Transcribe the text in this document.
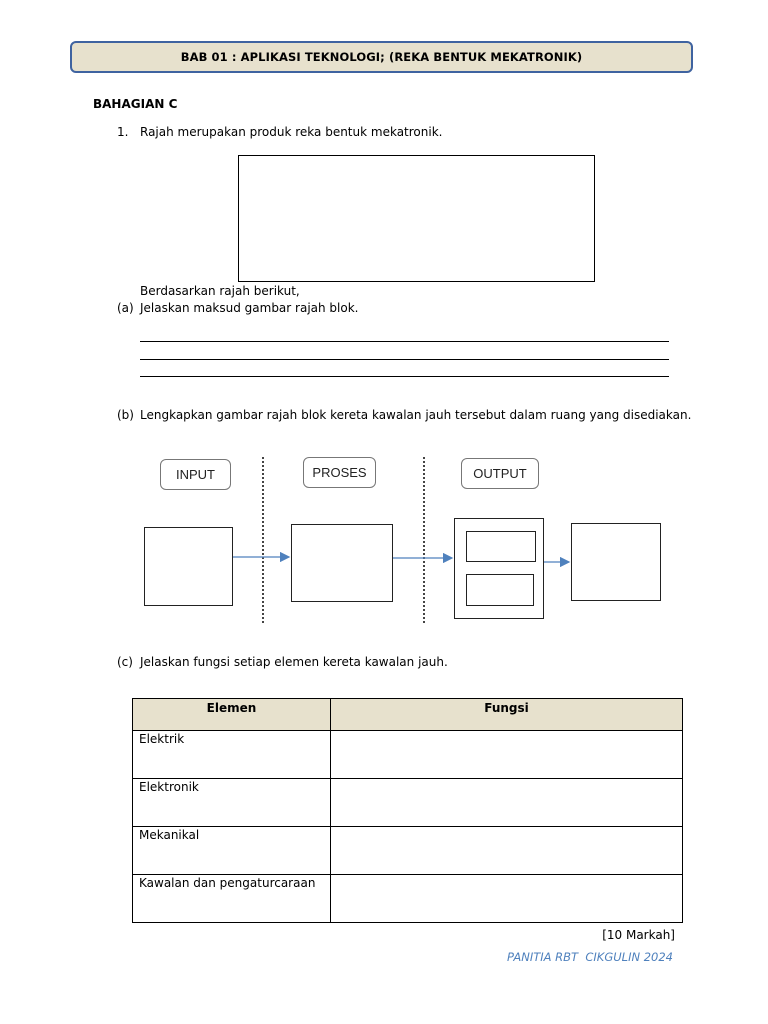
BAB 01 : APLIKASI TEKNOLOGI; (REKA BENTUK MEKATRONIK)
BAHAGIAN C
1. Rajah merupakan produk reka bentuk mekatronik.
Berdasarkan rajah berikut,
(a) Jelaskan maksud gambar rajah blok.
(b) Lengkapkan gambar rajah blok kereta kawalan jauh tersebut dalam ruang yang disediakan.
INPUT	PROSES	OUTPUT
(c) Jelaskan fungsi setiap elemen kereta kawalan jauh.
Elemen	Fungsi
Elektrik	
Elektronik	
Mekanikal	
Kawalan dan pengaturcaraan	
[10 Markah]
PANITIA RBT  CIKGULIN 2024
